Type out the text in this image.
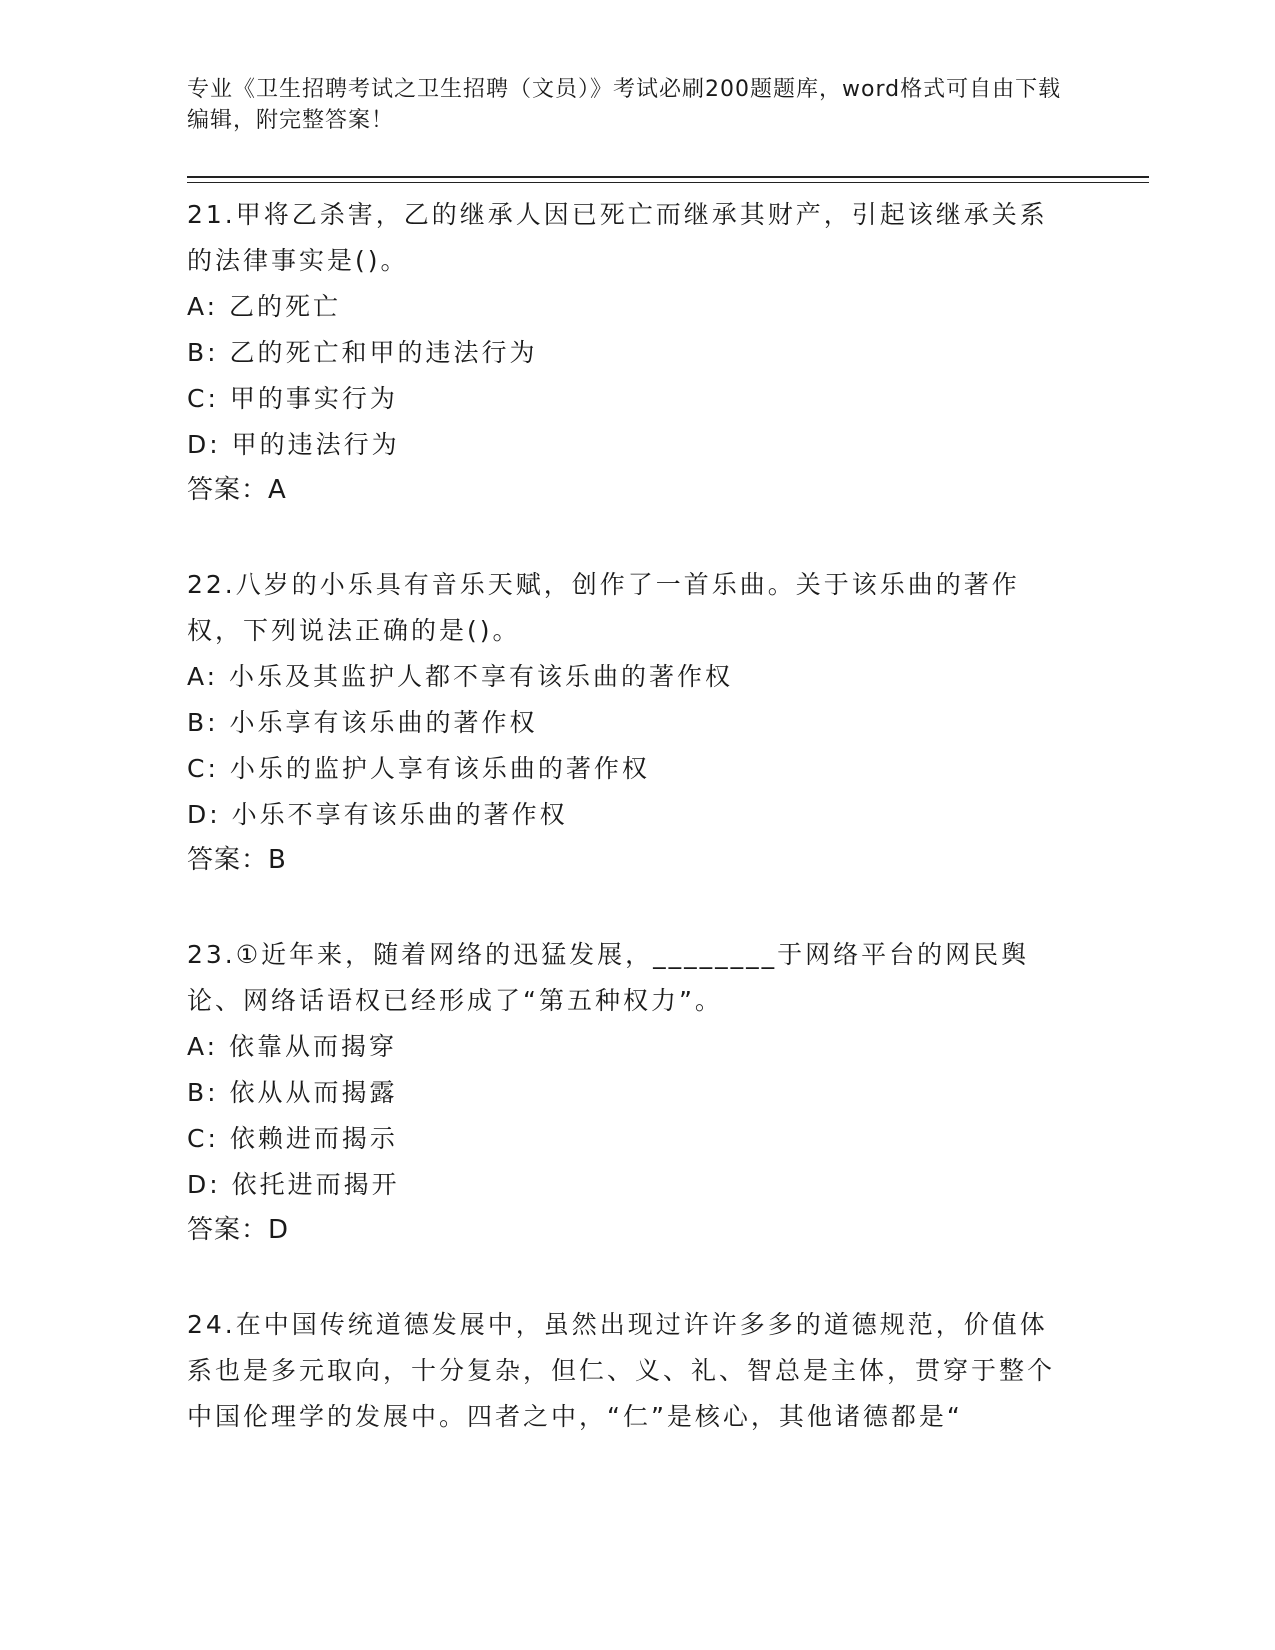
专业《卫生招聘考试之卫生招聘（文员）》考试必刷200题题库，word格式可自由下载编辑，附完整答案！

21.甲将乙杀害，乙的继承人因已死亡而继承其财产，引起该继承关系的法律事实是()。

A: 乙的死亡

B: 乙的死亡和甲的违法行为

C: 甲的事实行为

D: 甲的违法行为

答案：A

22.八岁的小乐具有音乐天赋，创作了一首乐曲。关于该乐曲的著作权，下列说法正确的是()。

A: 小乐及其监护人都不享有该乐曲的著作权

B: 小乐享有该乐曲的著作权

C: 小乐的监护人享有该乐曲的著作权

D: 小乐不享有该乐曲的著作权

答案：B

23.①近年来，随着网络的迅猛发展，________于网络平台的网民舆论、网络话语权已经形成了“第五种权力”。

A: 依靠从而揭穿

B: 依从从而揭露

C: 依赖进而揭示

D: 依托进而揭开

答案：D

24.在中国传统道德发展中，虽然出现过许许多多的道德规范，价值体系也是多元取向，十分复杂，但仁、义、礼、智总是主体，贯穿于整个中国伦理学的发展中。四者之中，“仁”是核心，其他诸德都是“
